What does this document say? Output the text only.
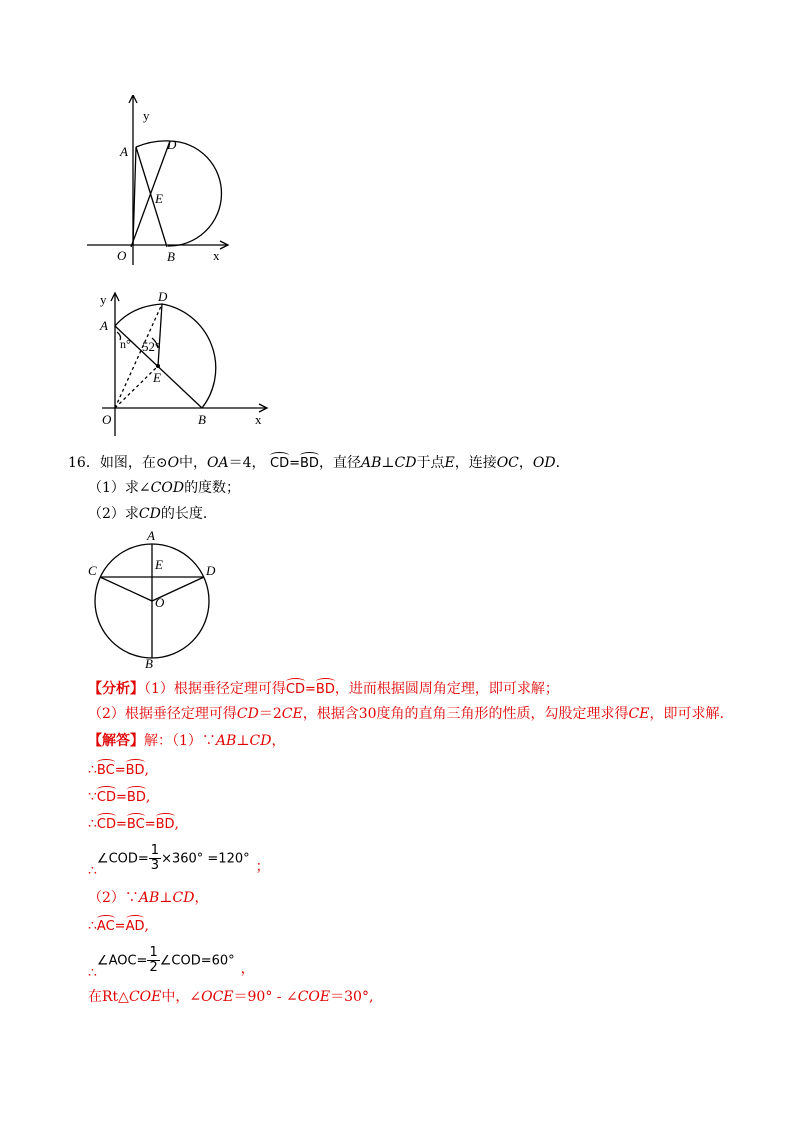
y
x
A	D
E
O	B
y
x
A
D
E
O	B
n° 52°
16．如图，在⊙O中，OA＝4， CD=BD，直径AB⊥CD于点E，连接OC，OD．
（1）求∠COD的度数；
（2）求CD的长度．
A
C	D
E
O
B
【分析】（1）根据垂径定理可得CD=BD，进而根据圆周角定理，即可求解；
（2）根据垂径定理可得CD＝2CE，根据含30度角的直角三角形的性质，勾股定理求得CE，即可求解.
【解答】解：（1）∵AB⊥CD，
∴BC=BD,
∵CD=BD,
∴CD=BC=BD,
∴∠COD= $\frac{1}{3} \times 360^\circ =120^\circ$ ；
（2）∵AB⊥CD，
∴AC=AD,
∴∠AOC= $\frac{1}{2}$ ∠COD=60° ，
在Rt△COE中，∠OCE＝90° - ∠COE＝30°,
